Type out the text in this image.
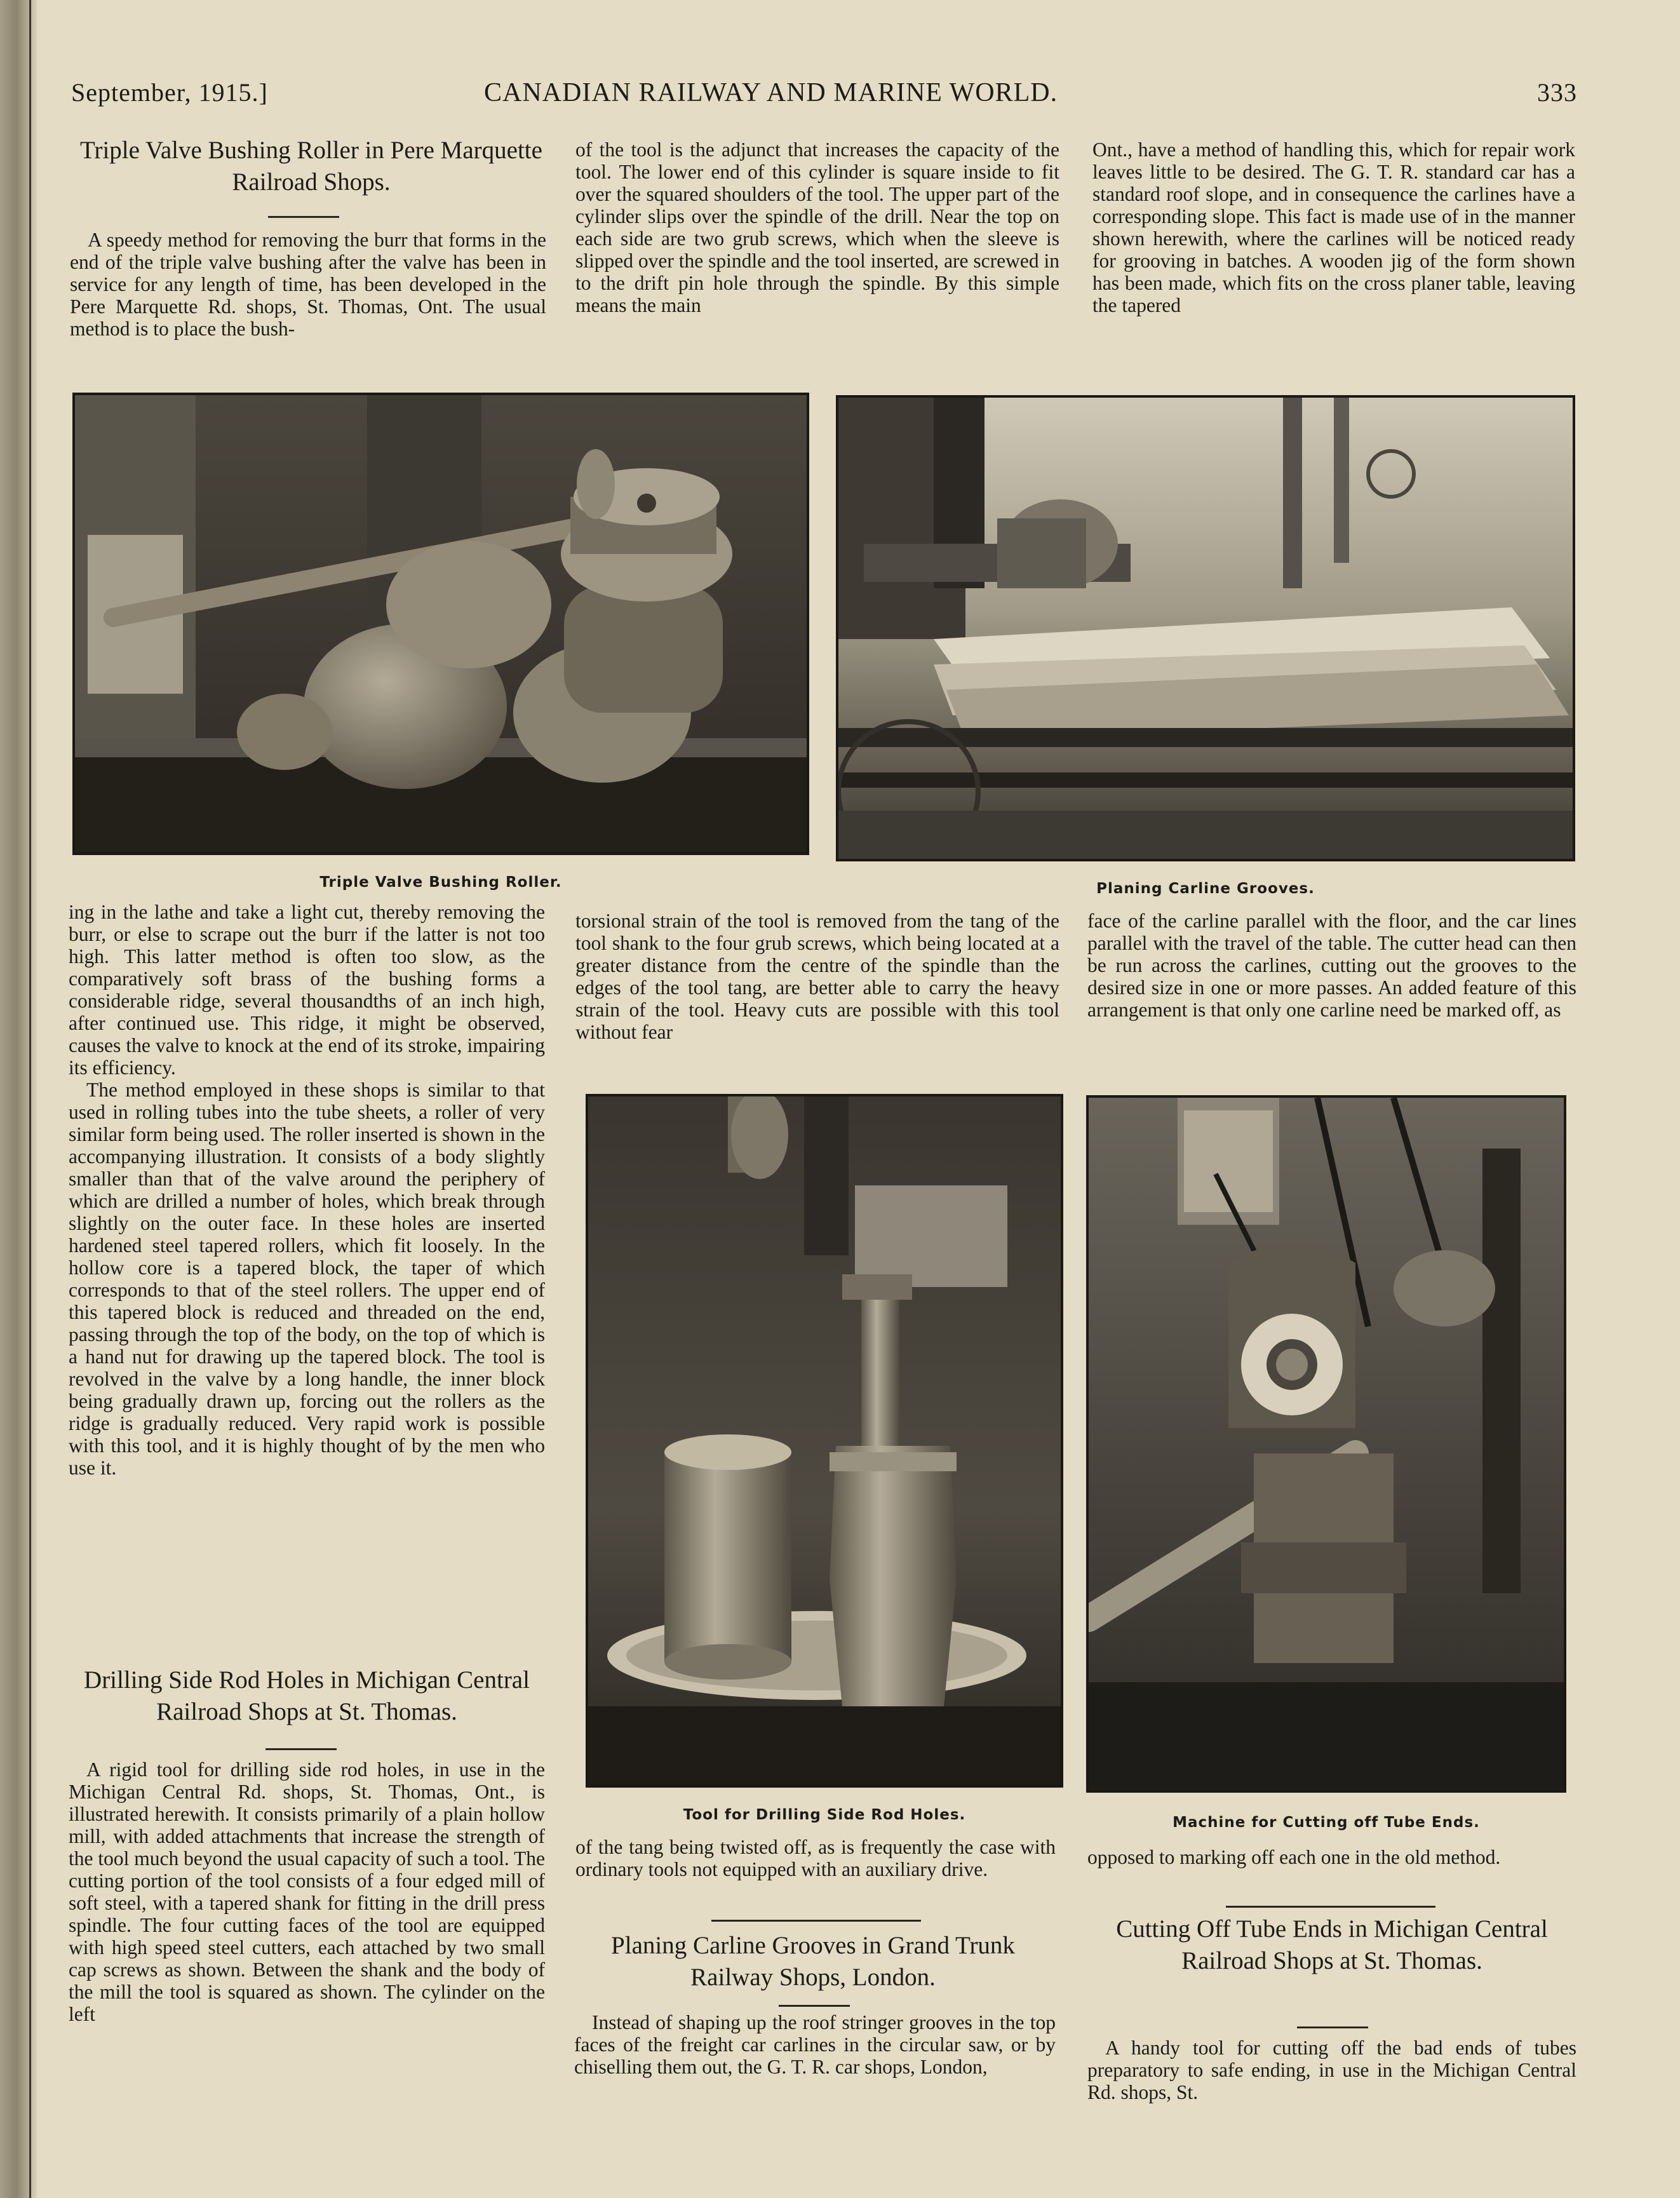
September, 1915.]	CANADIAN RAILWAY AND MARINE WORLD.	333
Triple Valve Bushing Roller in Pere Marquette Railroad Shops.

A speedy method for removing the burr that forms in the end of the triple valve bushing after the valve has been in service for any length of time, has been developed in the Pere Marquette Rd. shops, St. Thomas, Ont. The usual method is to place the bush-

of the tool is the adjunct that increases the capacity of the tool. The lower end of this cylinder is square inside to fit over the squared shoulders of the tool. The upper part of the cylinder slips over the spindle of the drill. Near the top on each side are two grub screws, which when the sleeve is slipped over the spindle and the tool inserted, are screwed in to the drift pin hole through the spindle. By this simple means the main

Ont., have a method of handling this, which for repair work leaves little to be desired. The G. T. R. standard car has a standard roof slope, and in consequence the carlines have a corresponding slope. This fact is made use of in the manner shown herewith, where the carlines will be noticed ready for grooving in batches. A wooden jig of the form shown has been made, which fits on the cross planer table, leaving the tapered

Triple Valve Bushing Roller.	Planing Carline Grooves.

ing in the lathe and take a light cut, thereby removing the burr, or else to scrape out the burr if the latter is not too high. This latter method is often too slow, as the comparatively soft brass of the bushing forms a considerable ridge, several thousandths of an inch high, after continued use. This ridge, it might be observed, causes the valve to knock at the end of its stroke, impairing its efficiency.

The method employed in these shops is similar to that used in rolling tubes into the tube sheets, a roller of very similar form being used. The roller inserted is shown in the accompanying illustration. It consists of a body slightly smaller than that of the valve around the periphery of which are drilled a number of holes, which break through slightly on the outer face. In these holes are inserted hardened steel tapered rollers, which fit loosely. In the hollow core is a tapered block, the taper of which corresponds to that of the steel rollers. The upper end of this tapered block is reduced and threaded on the end, passing through the top of the body, on the top of which is a hand nut for drawing up the tapered block. The tool is revolved in the valve by a long handle, the inner block being gradually drawn up, forcing out the rollers as the ridge is gradually reduced. Very rapid work is possible with this tool, and it is highly thought of by the men who use it.

Drilling Side Rod Holes in Michigan Central Railroad Shops at St. Thomas.

A rigid tool for drilling side rod holes, in use in the Michigan Central Rd. shops, St. Thomas, Ont., is illustrated herewith. It consists primarily of a plain hollow mill, with added attachments that increase the strength of the tool much beyond the usual capacity of such a tool. The cutting portion of the tool consists of a four edged mill of soft steel, with a tapered shank for fitting in the drill press spindle. The four cutting faces of the tool are equipped with high speed steel cutters, each attached by two small cap screws as shown. Between the shank and the body of the mill the tool is squared as shown. The cylinder on the left

torsional strain of the tool is removed from the tang of the tool shank to the four grub screws, which being located at a greater distance from the centre of the spindle than the edges of the tool tang, are better able to carry the heavy strain of the tool. Heavy cuts are possible with this tool without fear

face of the carline parallel with the floor, and the car lines parallel with the travel of the table. The cutter head can then be run across the carlines, cutting out the grooves to the desired size in one or more passes. An added feature of this arrangement is that only one carline need be marked off, as

Tool for Drilling Side Rod Holes.	Machine for Cutting off Tube Ends.

of the tang being twisted off, as is frequently the case with ordinary tools not equipped with an auxiliary drive.

Planing Carline Grooves in Grand Trunk Railway Shops, London.

Instead of shaping up the roof stringer grooves in the top faces of the freight car carlines in the circular saw, or by chiselling them out, the G. T. R. car shops, London,

opposed to marking off each one in the old method.

Cutting Off Tube Ends in Michigan Central Railroad Shops at St. Thomas.

A handy tool for cutting off the bad ends of tubes preparatory to safe ending, in use in the Michigan Central Rd. shops, St.
